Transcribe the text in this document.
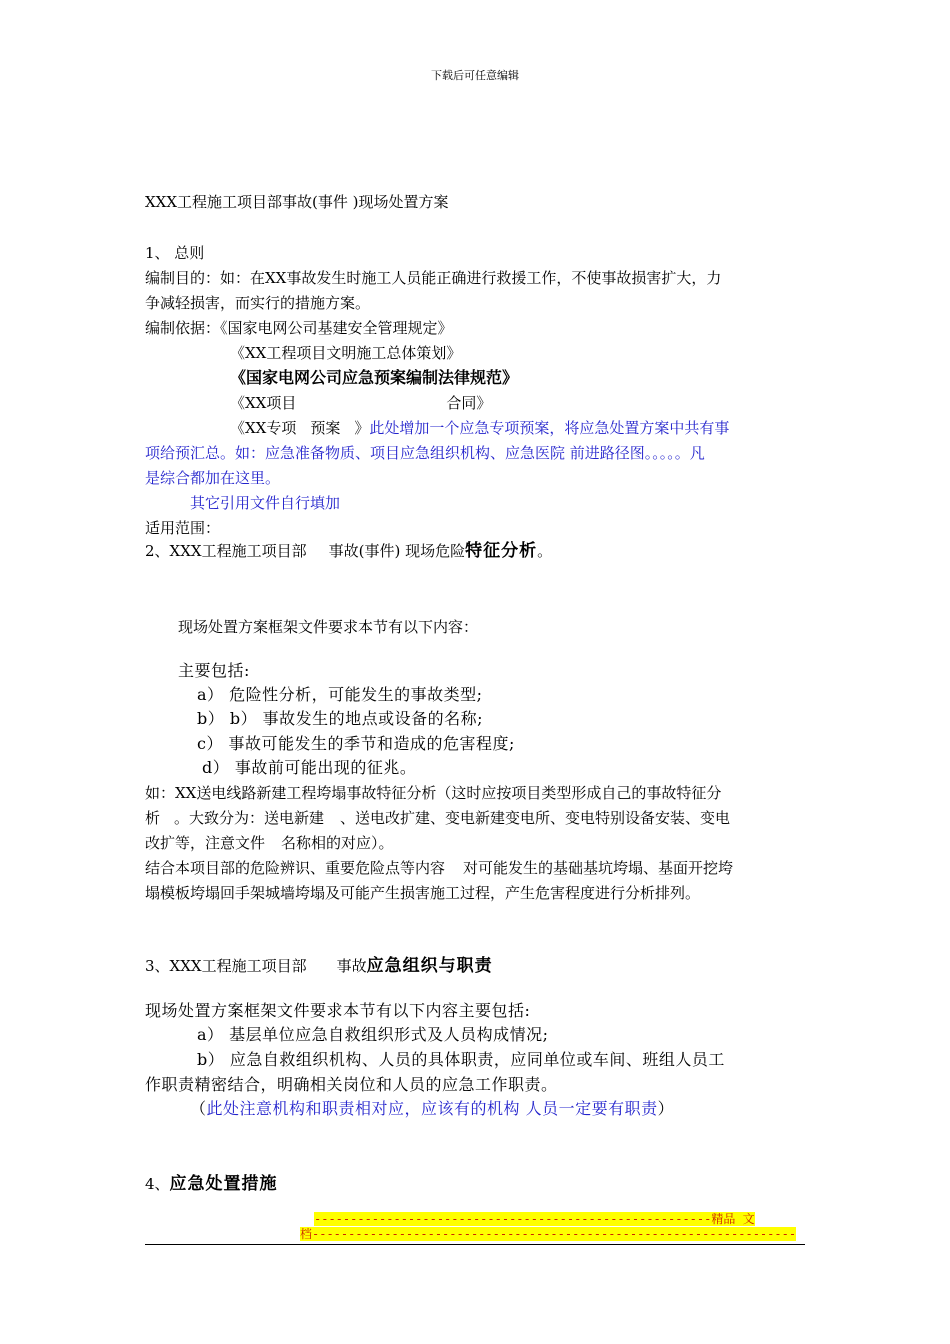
下载后可任意编辑
XXX工程施工项目部事故(事件 )现场处置方案
1、 总则
编制目的：如：在XX事故发生时施工人员能正确进行救援工作，不使事故损害扩大，力
争减轻损害，而实行的措施方案。
编制依据：《国家电网公司基建安全管理规定》
《XX工程项目文明施工总体策划》
《国家电网公司应急预案编制法律规范》
《XX项目	合同》
《XX专项 预案 》此处增加一个应急专项预案，将应急处置方案中共有事
项给预汇总。如：应急准备物质、项目应急组织机构、应急医院 前进路径图。。。。。凡
是综合都加在这里。
其它引用文件自行填加
适用范围：
2、XXX工程施工项目部 事故(事件) 现场危险特征分析。
现场处置方案框架文件要求本节有以下内容：
主要包括:
a） 危险性分析，可能发生的事故类型;
b） b） 事故发生的地点或设备的名称;
c） 事故可能发生的季节和造成的危害程度;
d） 事故前可能出现的征兆。
如：XX送电线路新建工程垮塌事故特征分析（这时应按项目类型形成自己的事故特征分
析 。大致分为：送电新建 、送电改扩建、变电新建变电所、变电特别设备安装、变电
改扩等，注意文件 名称相的对应）。
结合本项目部的危险辨识、重要危险点等内容 对可能发生的基础基坑垮塌、基面开挖垮
塌模板垮塌回手架城墙垮塌及可能产生损害施工过程，产生危害程度进行分析排列。
3、XXX工程施工项目部 事故应急组织与职责
现场处置方案框架文件要求本节有以下内容主要包括:
a） 基层单位应急自救组织形式及人员构成情况;
b） 应急自救组织机构、人员的具体职责，应同单位或车间、班组人员工
作职责精密结合，明确相关岗位和人员的应急工作职责。
（此处注意机构和职责相对应，应该有的机构 人员一定要有职责）
4、应急处置措施
-------------------------------------------------------精品 文
档-------------------------------------------------------------------
